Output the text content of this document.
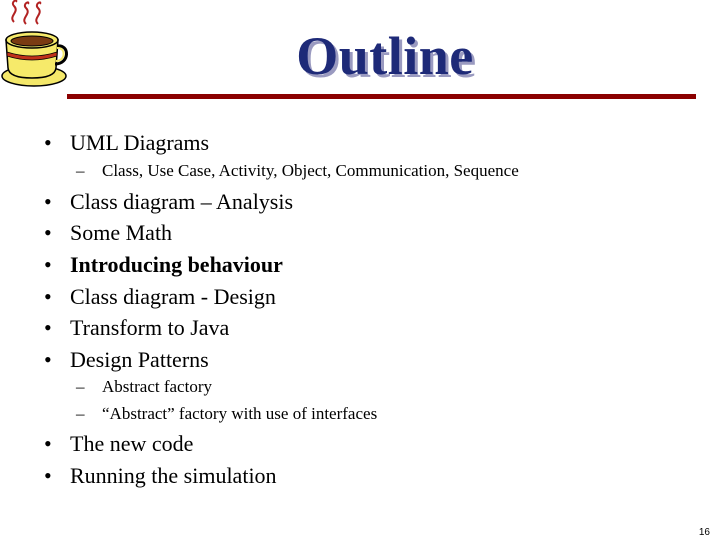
Outline
• UML Diagrams
– Class, Use Case, Activity, Object, Communication, Sequence
• Class diagram – Analysis
• Some Math
• Introducing behaviour
• Class diagram - Design
• Transform to Java
• Design Patterns
– Abstract factory
– “Abstract” factory with use of interfaces
• The new code
• Running the simulation
16
